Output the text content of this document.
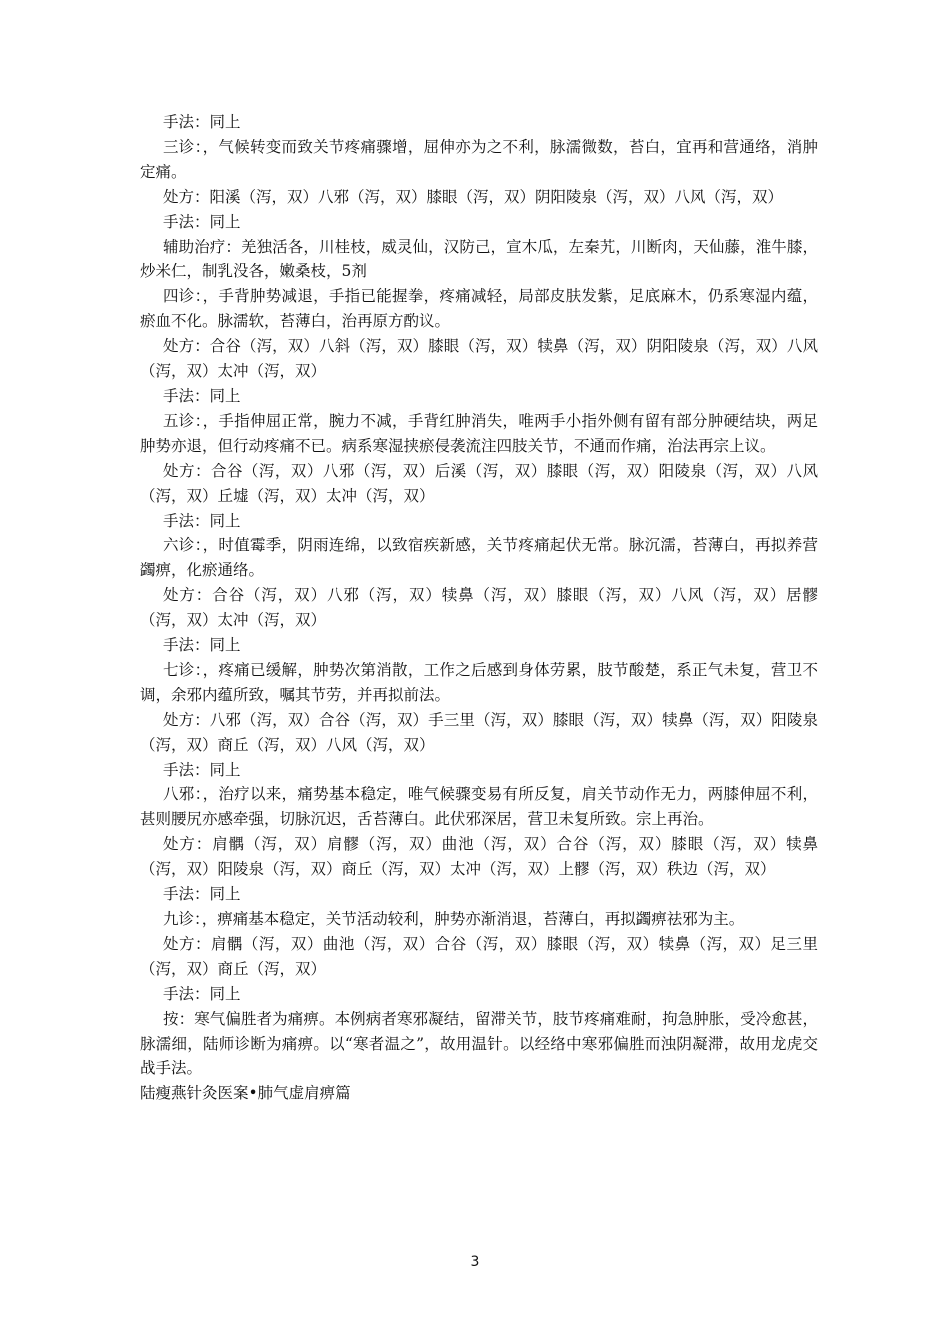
手法：同上

三诊：，气候转变而致关节疼痛骤增，屈伸亦为之不利，脉濡微数，苔白，宜再和营通络，消肿定痛。

处方：阳溪（泻，双）八邪（泻，双）膝眼（泻，双）阴阳陵泉（泻，双）八风（泻，双）

手法：同上

辅助治疗：羌独活各，川桂枝，威灵仙，汉防己，宣木瓜，左秦艽，川断肉，天仙藤，淮牛膝，炒米仁，制乳没各，嫩桑枝，5剂

四诊：，手背肿势减退，手指已能握拳，疼痛减轻，局部皮肤发紫，足底麻木，仍系寒湿内蕴，瘀血不化。脉濡软，苔薄白，治再原方酌议。

处方：合谷（泻，双）八斜（泻，双）膝眼（泻，双）犊鼻（泻，双）阴阳陵泉（泻，双）八风（泻，双）太冲（泻，双）

手法：同上

五诊：，手指伸屈正常，腕力不减，手背红肿消失，唯两手小指外侧有留有部分肿硬结块，两足肿势亦退，但行动疼痛不已。病系寒湿挟瘀侵袭流注四肢关节，不通而作痛，治法再宗上议。

处方：合谷（泻，双）八邪（泻，双）后溪（泻，双）膝眼（泻，双）阳陵泉（泻，双）八风（泻，双）丘墟（泻，双）太冲（泻，双）

手法：同上

六诊：，时值霉季，阴雨连绵，以致宿疾新感，关节疼痛起伏无常。脉沉濡，苔薄白，再拟养营蠲痹，化瘀通络。

处方：合谷（泻，双）八邪（泻，双）犊鼻（泻，双）膝眼（泻，双）八风（泻，双）居髎（泻，双）太冲（泻，双）

手法：同上

七诊：，疼痛已缓解，肿势次第消散，工作之后感到身体劳累，肢节酸楚，系正气未复，营卫不调，余邪内蕴所致，嘱其节劳，并再拟前法。

处方：八邪（泻，双）合谷（泻，双）手三里（泻，双）膝眼（泻，双）犊鼻（泻，双）阳陵泉（泻，双）商丘（泻，双）八风（泻，双）

手法：同上

八邪：，治疗以来，痛势基本稳定，唯气候骤变易有所反复，肩关节动作无力，两膝伸屈不利，甚则腰尻亦感牵强，切脉沉迟，舌苔薄白。此伏邪深居，营卫未复所致。宗上再治。

处方：肩髃（泻，双）肩髎（泻，双）曲池（泻，双）合谷（泻，双）膝眼（泻，双）犊鼻（泻，双）阳陵泉（泻，双）商丘（泻，双）太冲（泻，双）上髎（泻，双）秩边（泻，双）

手法：同上

九诊：，痹痛基本稳定，关节活动较利，肿势亦渐消退，苔薄白，再拟蠲痹祛邪为主。

处方：肩髃（泻，双）曲池（泻，双）合谷（泻，双）膝眼（泻，双）犊鼻（泻，双）足三里（泻，双）商丘（泻，双）

手法：同上

按：寒气偏胜者为痛痹。本例病者寒邪凝结，留滞关节，肢节疼痛难耐，拘急肿胀，受冷愈甚，脉濡细，陆师诊断为痛痹。以“寒者温之”，故用温针。以经络中寒邪偏胜而浊阴凝滞，故用龙虎交战手法。

陆瘦燕针灸医案•肺气虚肩痹篇

3
